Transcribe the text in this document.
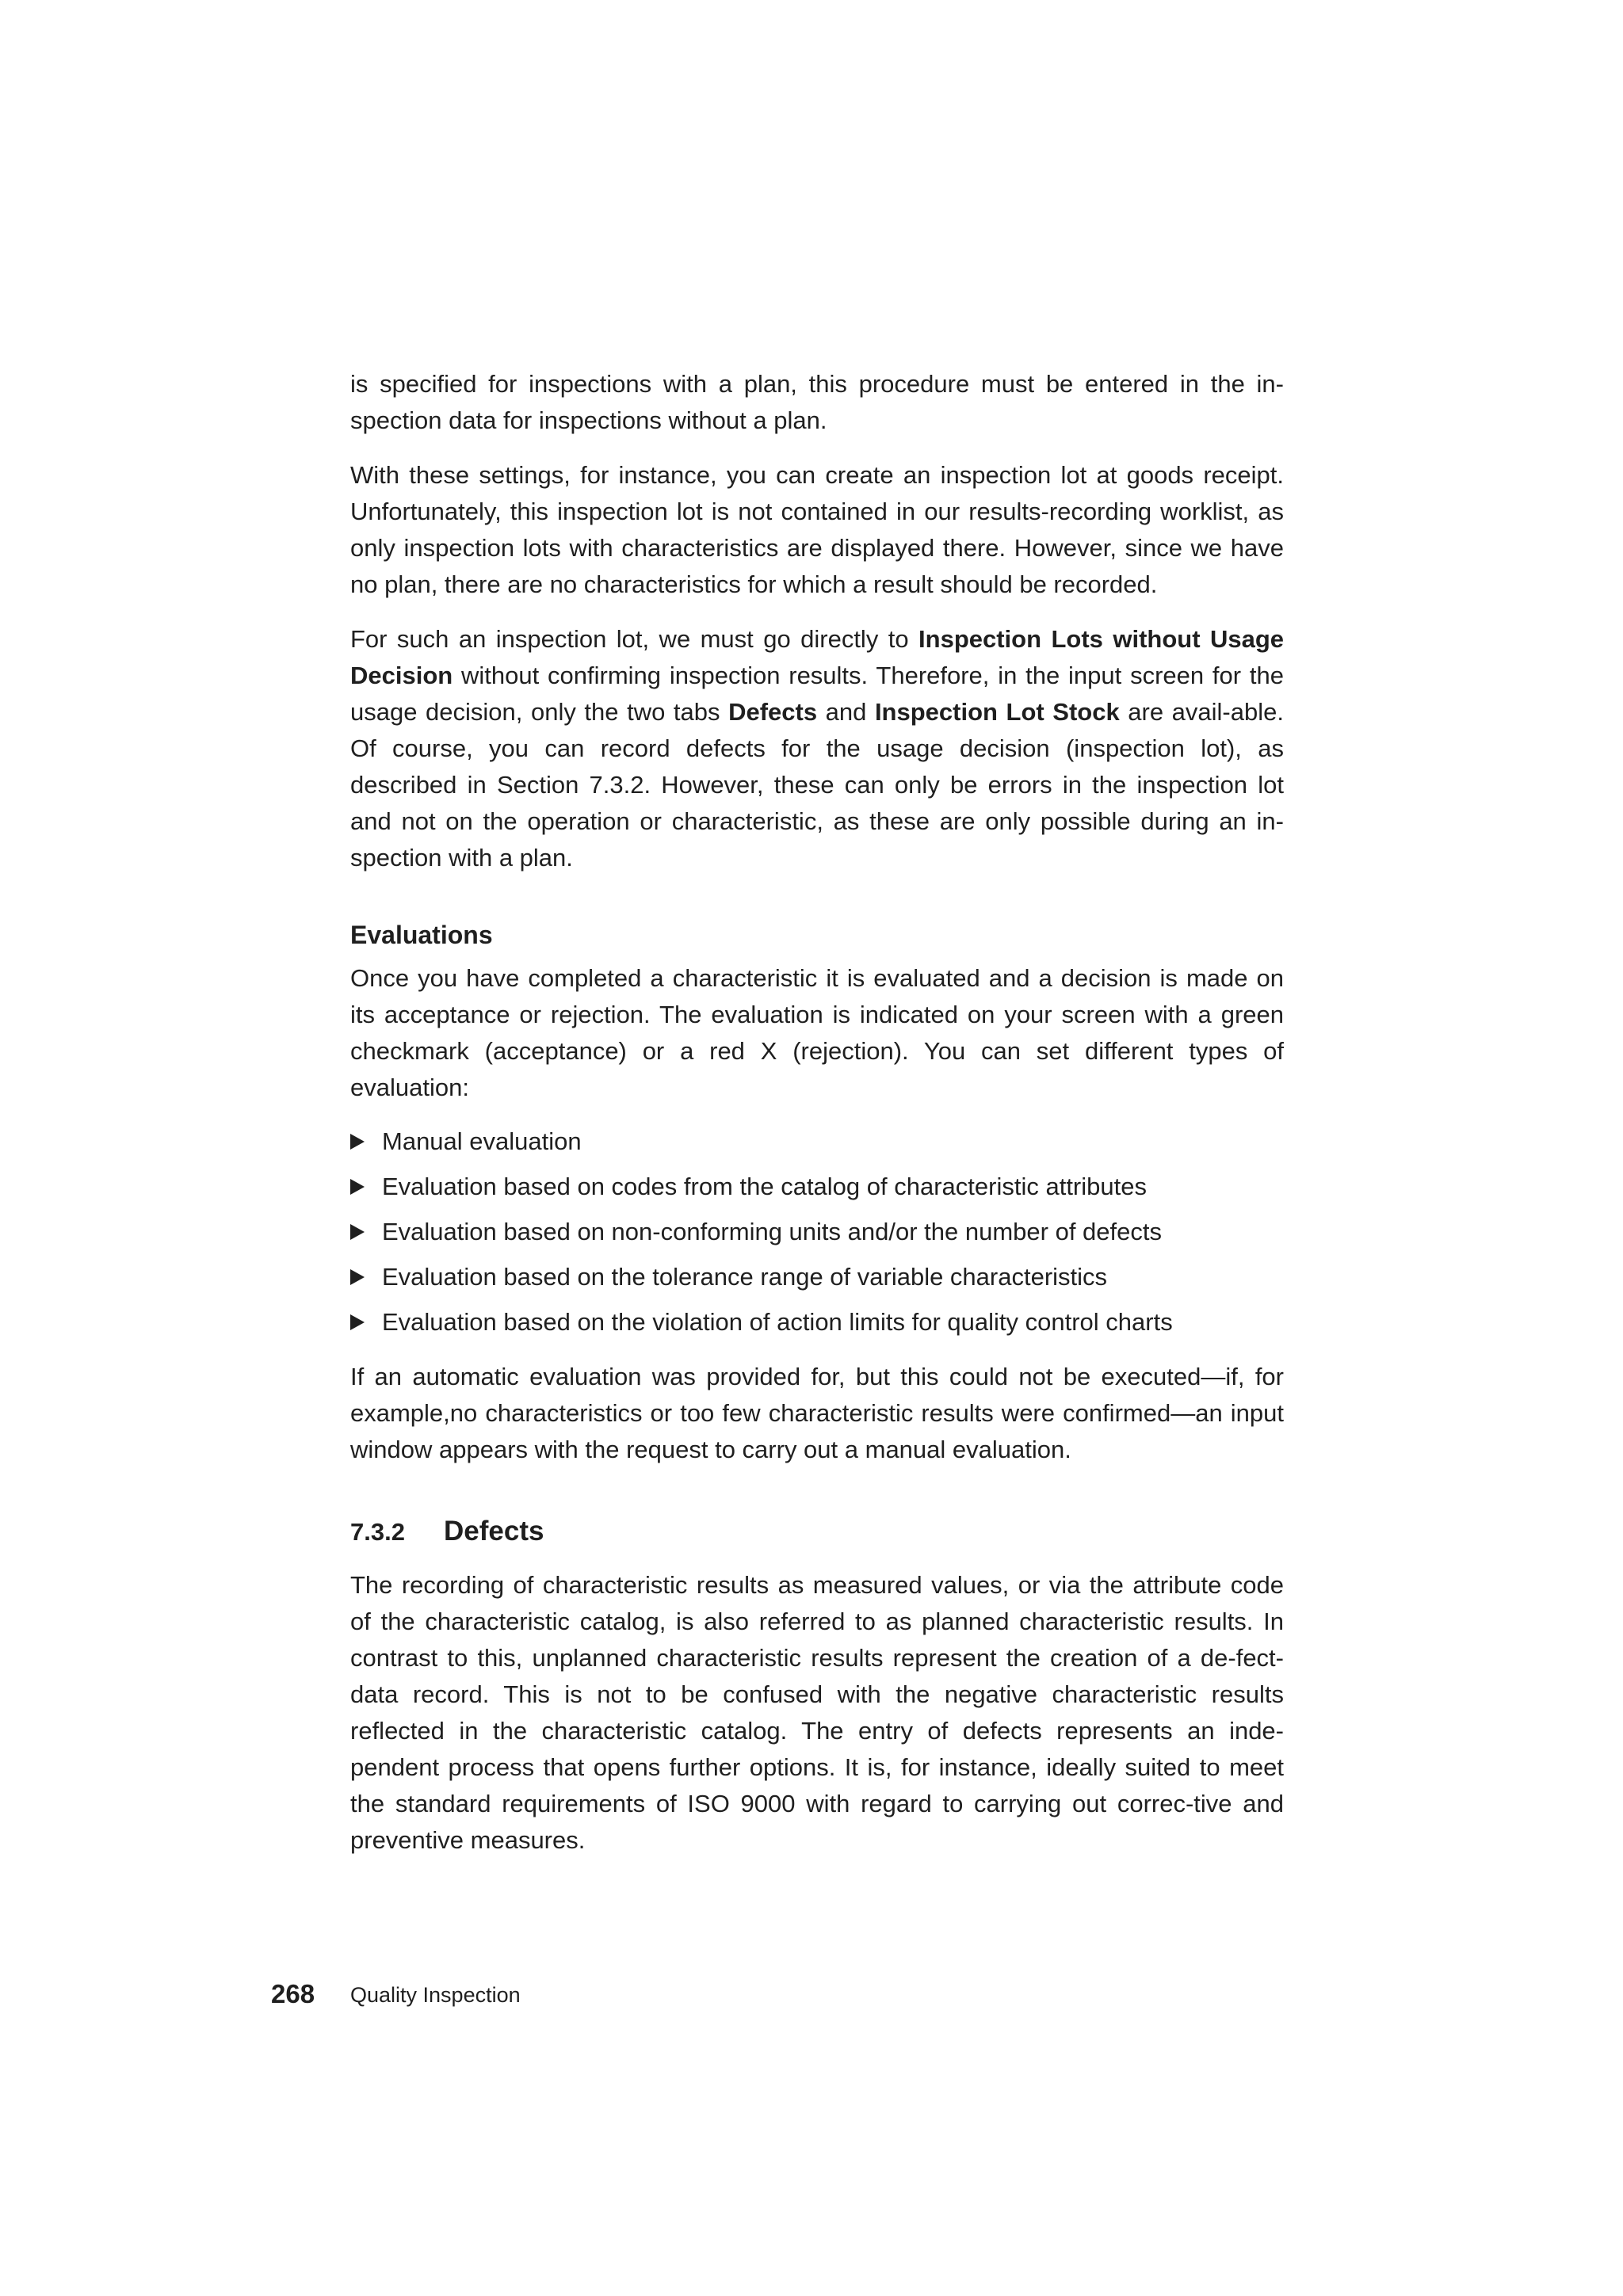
is specified for inspections with a plan, this procedure must be entered in the in-spection data for inspections without a plan.

With these settings, for instance, you can create an inspection lot at goods receipt. Unfortunately, this inspection lot is not contained in our results-recording worklist, as only inspection lots with characteristics are displayed there. However, since we have no plan, there are no characteristics for which a result should be recorded.

For such an inspection lot, we must go directly to Inspection Lots without Usage Decision without confirming inspection results. Therefore, in the input screen for the usage decision, only the two tabs Defects and Inspection Lot Stock are avail-able. Of course, you can record defects for the usage decision (inspection lot), as described in Section 7.3.2. However, these can only be errors in the inspection lot and not on the operation or characteristic, as these are only possible during an in-spection with a plan.

Evaluations

Once you have completed a characteristic it is evaluated and a decision is made on its acceptance or rejection. The evaluation is indicated on your screen with a green checkmark (acceptance) or a red X (rejection). You can set different types of evaluation:

Manual evaluation
Evaluation based on codes from the catalog of characteristic attributes
Evaluation based on non-conforming units and/or the number of defects
Evaluation based on the tolerance range of variable characteristics
Evaluation based on the violation of action limits for quality control charts

If an automatic evaluation was provided for, but this could not be executed—if, for example,no characteristics or too few characteristic results were confirmed—an input window appears with the request to carry out a manual evaluation.

7.3.2 Defects

The recording of characteristic results as measured values, or via the attribute code of the characteristic catalog, is also referred to as planned characteristic results. In contrast to this, unplanned characteristic results represent the creation of a de-fect-data record. This is not to be confused with the negative characteristic results reflected in the characteristic catalog. The entry of defects represents an inde-pendent process that opens further options. It is, for instance, ideally suited to meet the standard requirements of ISO 9000 with regard to carrying out correc-tive and preventive measures.

268 Quality Inspection
